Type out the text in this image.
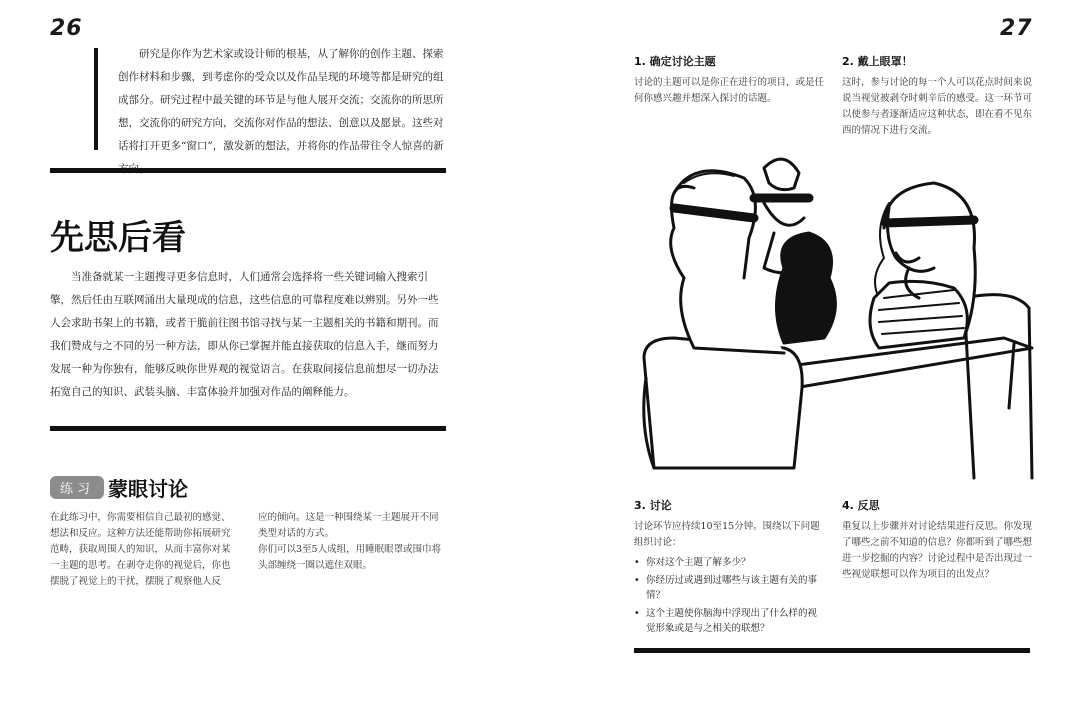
26
研究是你作为艺术家或设计师的根基，从了解你的创作主题、探索创作材料和步骤，到考虑你的受众以及作品呈现的环境等都是研究的组成部分。研究过程中最关键的环节是与他人展开交流；交流你的所思所想，交流你的研究方向，交流你对作品的想法、创意以及愿景。这些对话将打开更多“窗口”，激发新的想法，并将你的作品带往令人惊喜的新
先思后看
当准备就某一主题搜寻更多信息时，人们通常会选择将一些关键词输入搜索引擎，然后任由互联网涌出大量现成的信息，这些信息的可靠程度难以辨别。另外一些人会求助书架上的书籍，或者干脆前往图书馆寻找与某一主题相关的书籍和期刊。而我们赞成与之不同的另一种方法，即从你已掌握并能直接获取的信息入手，继而努力发展一种为你独有，能够反映你世界观的视觉语言。在获取间接信息前想尽一切办法拓宽自己的知识、武装头脑、丰富体验并加强对作品的阐释能力。
练习 蒙眼讨论
在此练习中，你需要相信自己最初的感觉、想法和反应。这种方法还能帮助你拓展研究范畴，获取周围人的知识，从而丰富你对某一主题的思考。在剥夺走你的视觉后，你也摆脱了视觉上的干扰，摆脱了观察他人反
应的倾向。这是一种围绕某一主题展开不同类型对话的方式。
你们可以3至5人成组，用睡眠眼罩或围巾将头部缠绕一圈以遮住双眼。
27
1. 确定讨论主题
讨论的主题可以是你正在进行的项目，或是任何你感兴趣并想深入探讨的话题。
2. 戴上眼罩！
这时，参与讨论的每一个人可以花点时间来说说当视觉被剥夺时刺辛后的感受。这一环节可以使参与者逐渐适应这种状态，即在看不见东西的情况下进行交流。
3. 讨论
讨论环节应持续10至15分钟。围绕以下问题组织讨论：
• 你对这个主题了解多少？
• 你经历过或遇到过哪些与该主题有关的事情？
• 这个主题使你脑海中浮现出了什么样的视觉形象或是与之相关的联想？
4. 反思
重复以上步骤并对讨论结果进行反思。你发现了哪些之前不知道的信息？你都听到了哪些想进一步挖掘的内容？讨论过程中是否出现过一些视觉联想可以作为项目的出发点？
